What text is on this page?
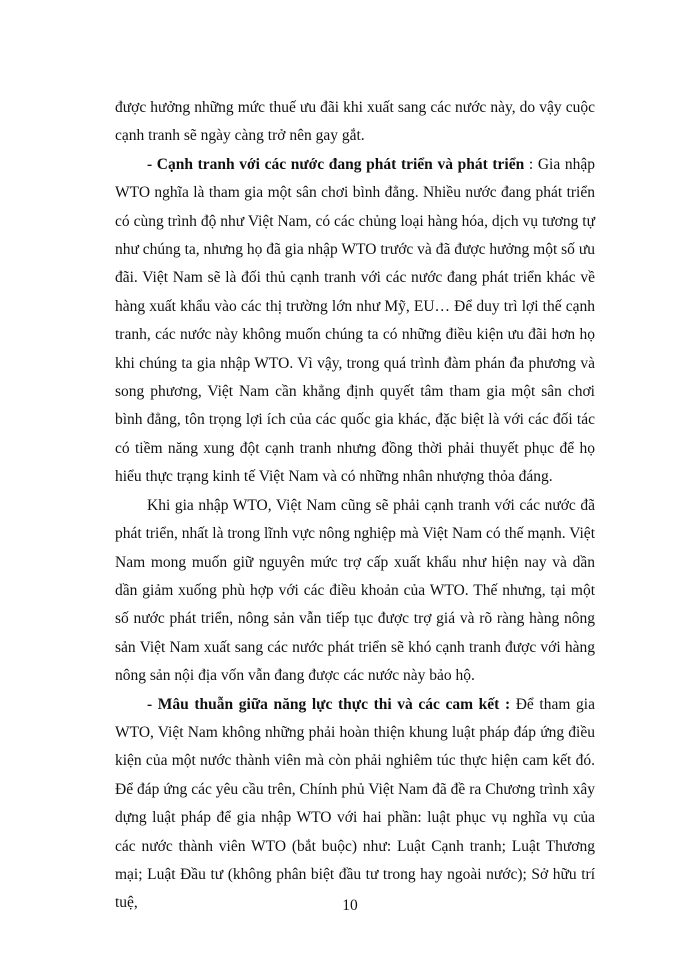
được hưởng những mức thuế ưu đãi khi xuất sang các nước này, do vậy cuộc cạnh tranh sẽ ngày càng trở nên gay gắt.

- Cạnh tranh với các nước đang phát triển và phát triển : Gia nhập WTO nghĩa là tham gia một sân chơi bình đẳng. Nhiều nước đang phát triển có cùng trình độ như Việt Nam, có các chủng loại hàng hóa, dịch vụ tương tự như chúng ta, nhưng họ đã gia nhập WTO trước và đã được hưởng một số ưu đãi. Việt Nam sẽ là đối thủ cạnh tranh với các nước đang phát triển khác về hàng xuất khẩu vào các thị trường lớn như Mỹ, EU… Để duy trì lợi thế cạnh tranh, các nước này không muốn chúng ta có những điều kiện ưu đãi hơn họ khi chúng ta gia nhập WTO. Vì vậy, trong quá trình đàm phán đa phương và song phương, Việt Nam cần khẳng định quyết tâm tham gia một sân chơi bình đẳng, tôn trọng lợi ích của các quốc gia khác, đặc biệt là với các đối tác có tiềm năng xung đột cạnh tranh nhưng đồng thời phải thuyết phục để họ hiểu thực trạng kinh tế Việt Nam và có những nhân nhượng thỏa đáng.

Khi gia nhập WTO, Việt Nam cũng sẽ phải cạnh tranh với các nước đã phát triển, nhất là trong lĩnh vực nông nghiệp mà Việt Nam có thế mạnh. Việt Nam mong muốn giữ nguyên mức trợ cấp xuất khẩu như hiện nay và dần dần giảm xuống phù hợp với các điều khoản của WTO. Thế nhưng, tại một số nước phát triển, nông sản vẫn tiếp tục được trợ giá và rõ ràng hàng nông sản Việt Nam xuất sang các nước phát triển sẽ khó cạnh tranh được với hàng nông sản nội địa vốn vẫn đang được các nước này bảo hộ.

- Mâu thuẫn giữa năng lực thực thi và các cam kết : Để tham gia WTO, Việt Nam không những phải hoàn thiện khung luật pháp đáp ứng điều kiện của một nước thành viên mà còn phải nghiêm túc thực hiện cam kết đó. Để đáp ứng các yêu cầu trên, Chính phủ Việt Nam đã đề ra Chương trình xây dựng luật pháp để gia nhập WTO với hai phần: luật phục vụ nghĩa vụ của các nước thành viên WTO (bắt buộc) như: Luật Cạnh tranh; Luật Thương mại; Luật Đầu tư (không phân biệt đầu tư trong hay ngoài nước); Sở hữu trí tuệ,	10
